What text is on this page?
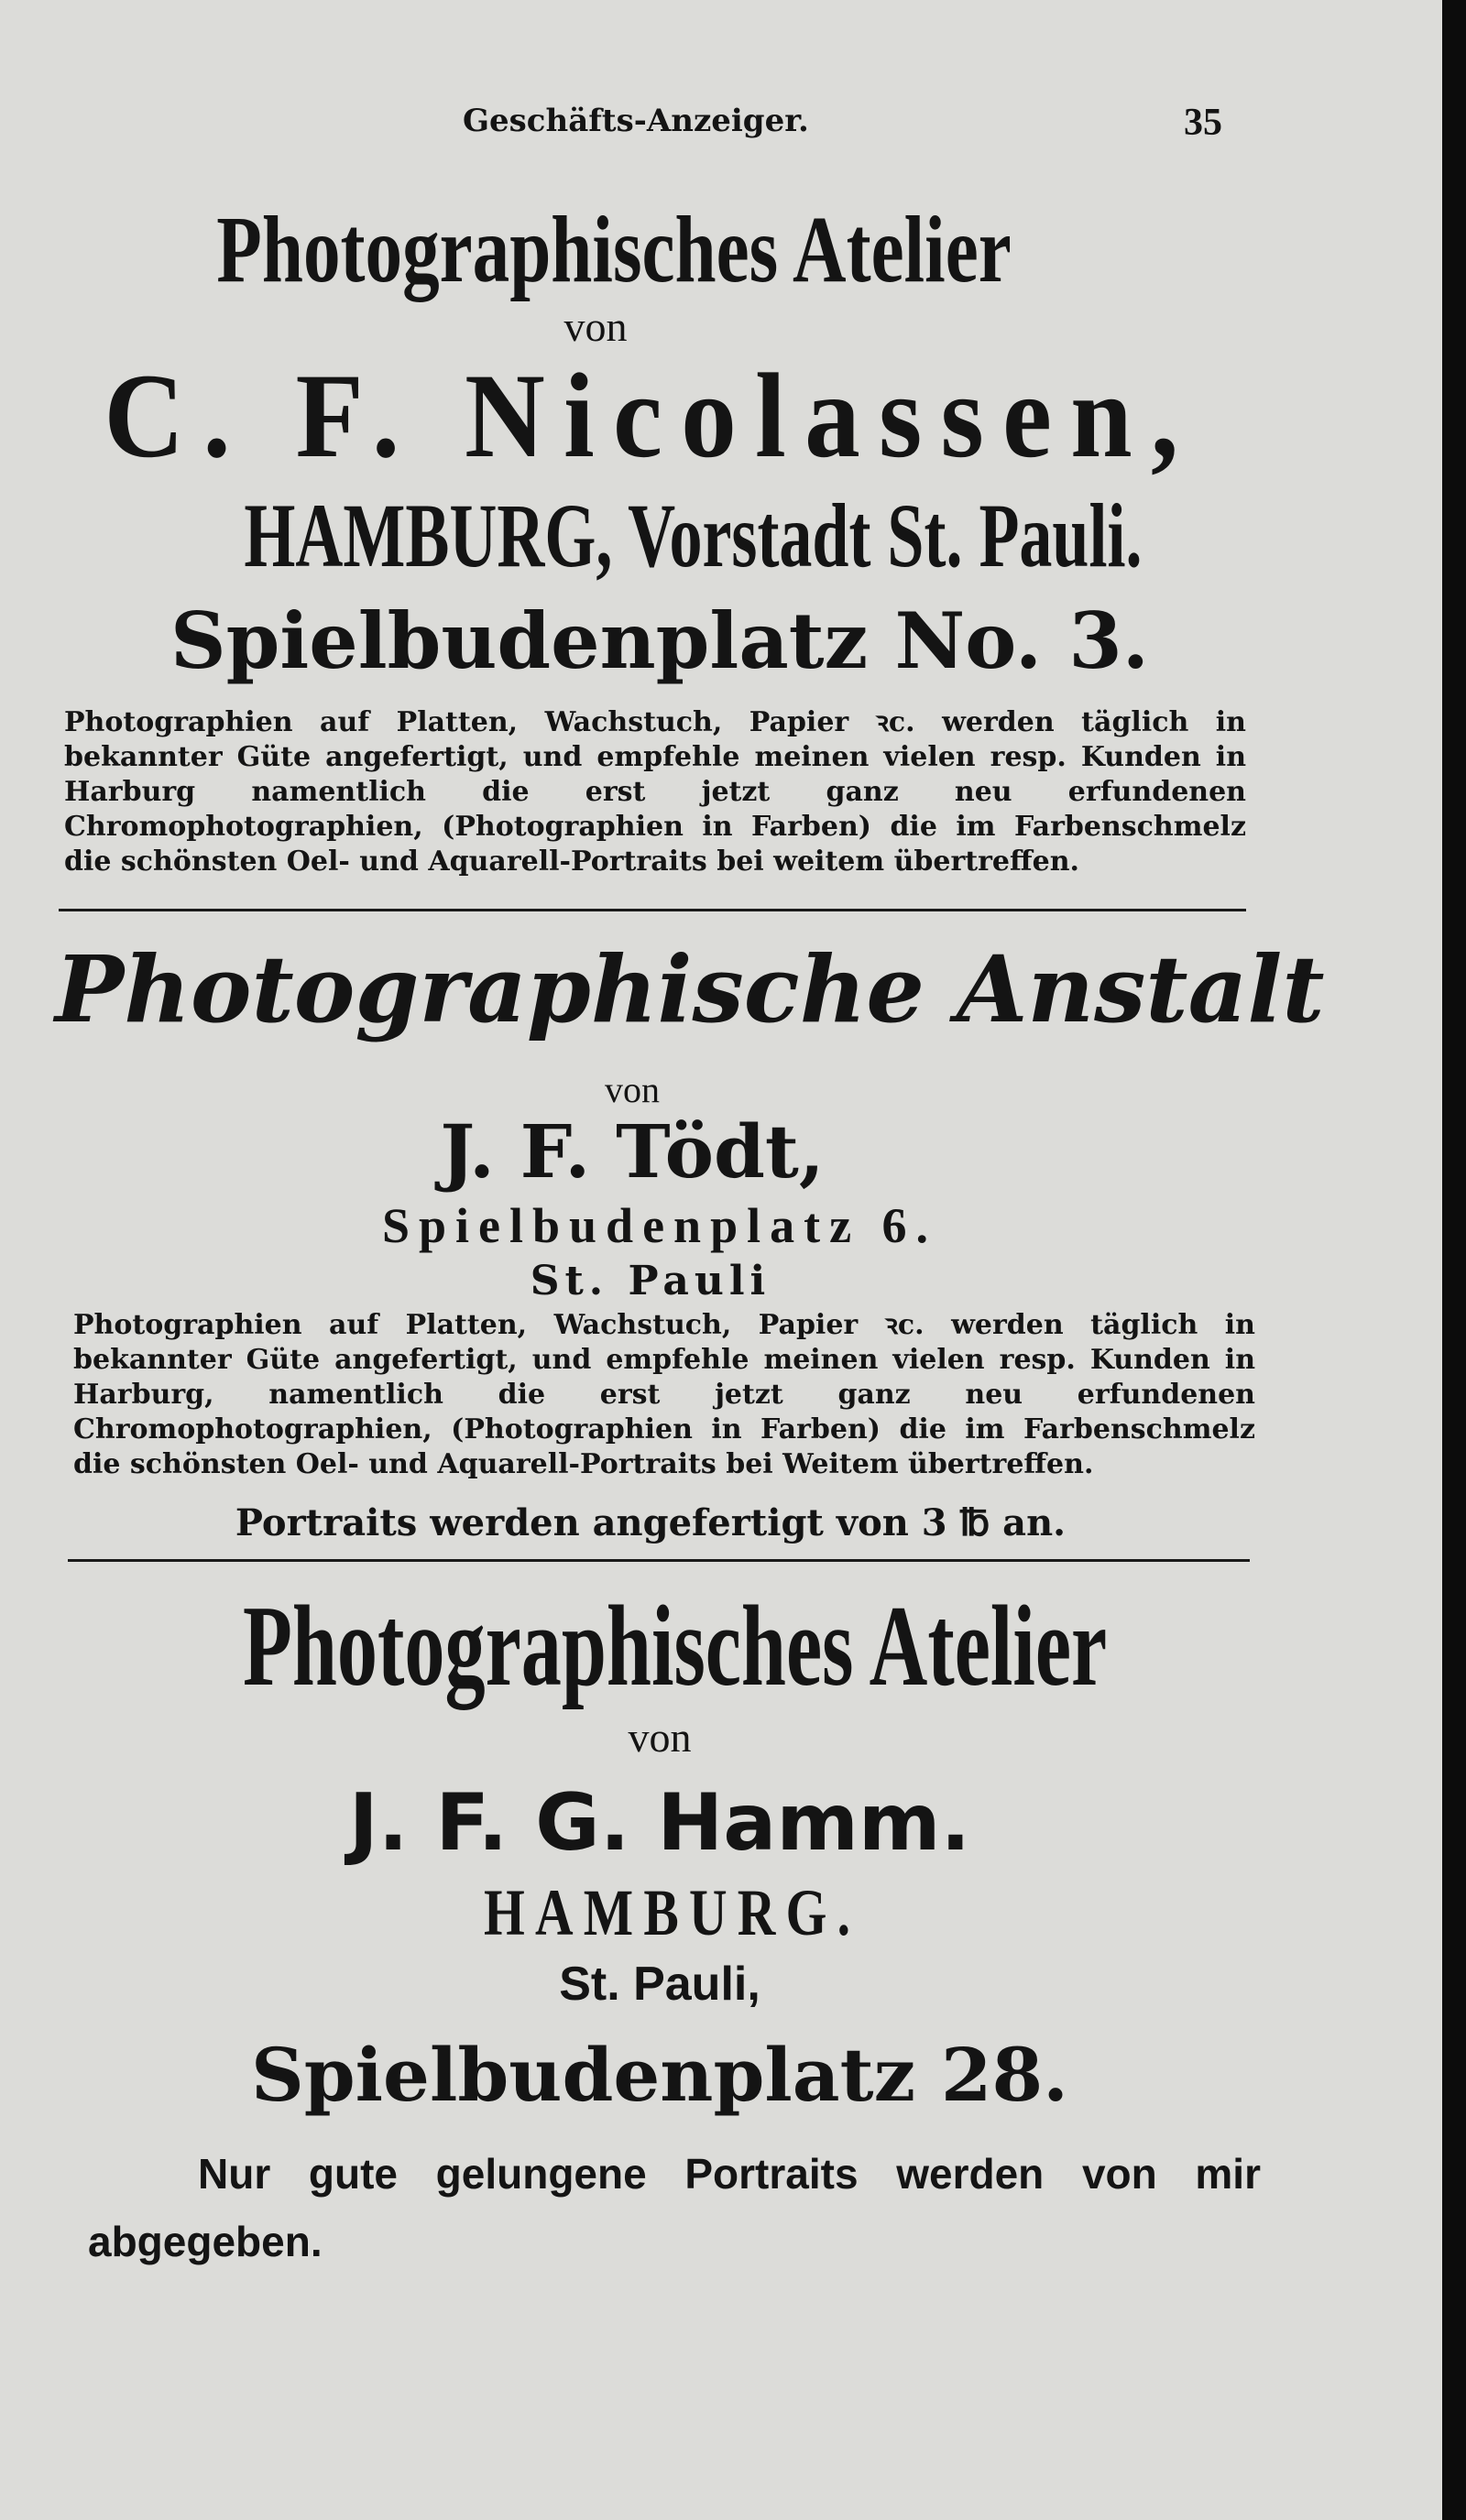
Geschäfts-Anzeiger.	35
Photographisches Atelier
von
C. F. Nicolassen,
HAMBURG, Vorstadt St. Pauli.
Spielbudenplatz No. 3.
Photographien auf Platten, Wachstuch, Papier ꝛc. werden täglich in bekannter Güte angefertigt, und empfehle meinen vielen resp. Kunden in Harburg namentlich die erst jetzt ganz neu erfundenen Chromophotographien, (Photographien in Farben) die im Farbenschmelz die schönsten Oel- und Aquarell-Portraits bei weitem übertreffen.
Photographische Anstalt
von
J. F. Tödt,
Spielbudenplatz 6.
St. Pauli
Photographien auf Platten, Wachstuch, Papier ꝛc. werden täglich in bekannter Güte angefertigt, und empfehle meinen vielen resp. Kunden in Harburg, namentlich die erst jetzt ganz neu erfundenen Chromophotographien, (Photographien in Farben) die im Farbenschmelz die schönsten Oel- und Aquarell-Portraits bei Weitem übertreffen.
Portraits werden angefertigt von 3 ℔ an.
Photographisches Atelier
von
J. F. G. Hamm.
HAMBURG.
St. Pauli,
Spielbudenplatz 28.
Nur gute gelungene Portraits werden von mir abgegeben.
